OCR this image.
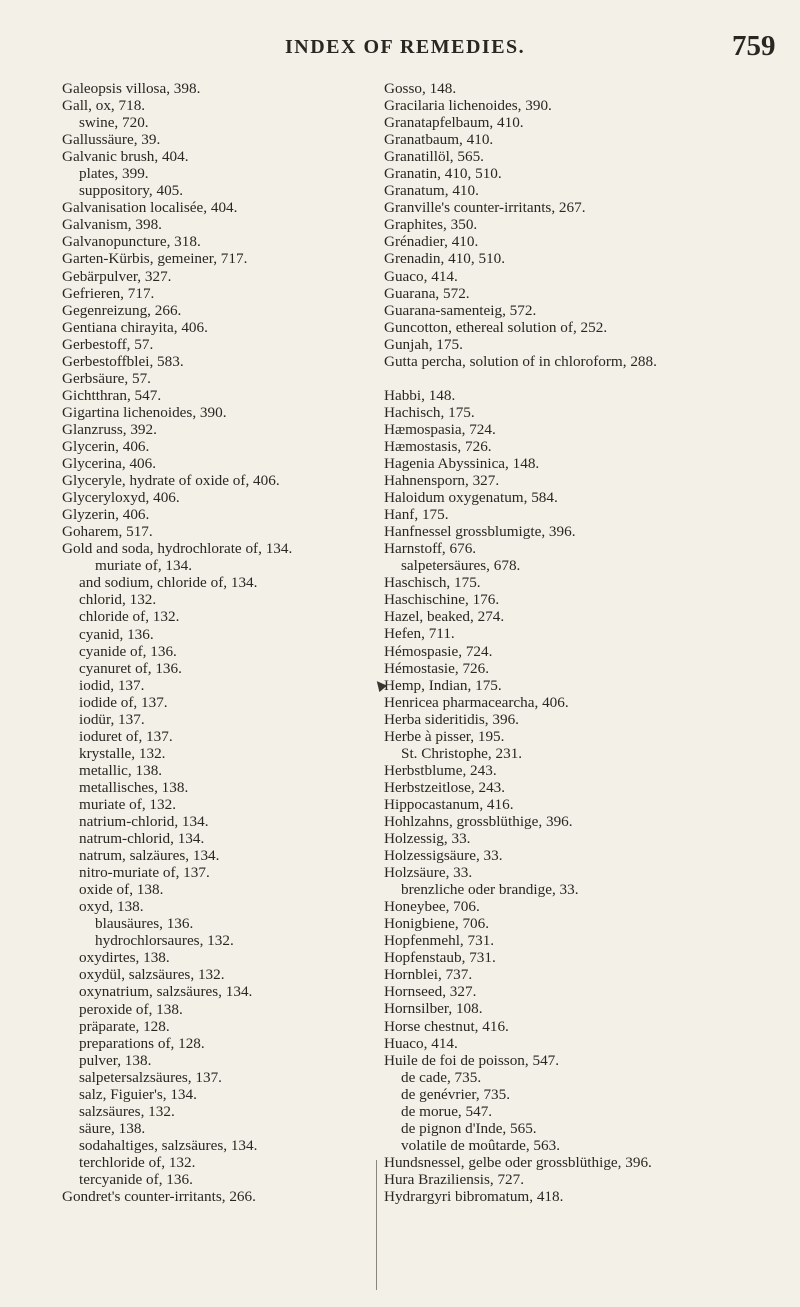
INDEX OF REMEDIES.	759
Galeopsis villosa, 398.
Gall, ox, 718.
swine, 720.
Gallussäure, 39.
Galvanic brush, 404.
plates, 399.
suppository, 405.
Galvanisation localisée, 404.
Galvanism, 398.
Galvanopuncture, 318.
Garten-Kürbis, gemeiner, 717.
Gebärpulver, 327.
Gefrieren, 717.
Gegenreizung, 266.
Gentiana chirayita, 406.
Gerbestoff, 57.
Gerbestoffblei, 583.
Gerbsäure, 57.
Gichtthran, 547.
Gigartina lichenoides, 390.
Glanzruss, 392.
Glycerin, 406.
Glycerina, 406.
Glyceryle, hydrate of oxide of, 406.
Glyceryloxyd, 406.
Glyzerin, 406.
Goharem, 517.
Gold and soda, hydrochlorate of, 134.
muriate of, 134.
and sodium, chloride of, 134.
chlorid, 132.
chloride of, 132.
cyanid, 136.
cyanide of, 136.
cyanuret of, 136.
iodid, 137.
iodide of, 137.
iodür, 137.
ioduret of, 137.
krystalle, 132.
metallic, 138.
metallisches, 138.
muriate of, 132.
natrium-chlorid, 134.
natrum-chlorid, 134.
natrum, salzäures, 134.
nitro-muriate of, 137.
oxide of, 138.
oxyd, 138.
blausäures, 136.
hydrochlorsaures, 132.
oxydirtes, 138.
oxydül, salzsäures, 132.
oxynatrium, salzsäures, 134.
peroxide of, 138.
präparate, 128.
preparations of, 128.
pulver, 138.
salpetersalzsäures, 137.
salz, Figuier's, 134.
salzsäures, 132.
säure, 138.
sodahaltiges, salzsäures, 134.
terchloride of, 132.
tercyanide of, 136.
Gondret's counter-irritants, 266.
Gosso, 148.
Gracilaria lichenoides, 390.
Granatapfelbaum, 410.
Granatbaum, 410.
Granatillöl, 565.
Granatin, 410, 510.
Granatum, 410.
Granville's counter-irritants, 267.
Graphites, 350.
Grénadier, 410.
Grenadin, 410, 510.
Guaco, 414.
Guarana, 572.
Guarana-samenteig, 572.
Guncotton, ethereal solution of, 252.
Gunjah, 175.
Gutta percha, solution of in chloroform, 288.
Habbi, 148.
Hachisch, 175.
Hæmospasia, 724.
Hæmostasis, 726.
Hagenia Abyssinica, 148.
Hahnensporn, 327.
Haloidum oxygenatum, 584.
Hanf, 175.
Hanfnessel grossblumigte, 396.
Harnstoff, 676.
salpetersäures, 678.
Haschisch, 175.
Haschischine, 176.
Hazel, beaked, 274.
Hefen, 711.
Hémospasie, 724.
Hémostasie, 726.
Hemp, Indian, 175.
Henricea pharmacearcha, 406.
Herba sideritidis, 396.
Herbe à pisser, 195.
St. Christophe, 231.
Herbstblume, 243.
Herbstzeitlose, 243.
Hippocastanum, 416.
Hohlzahns, grossblüthige, 396.
Holzessig, 33.
Holzessigsäure, 33.
Holzsäure, 33.
brenzliche oder brandige, 33.
Honeybee, 706.
Honigbiene, 706.
Hopfenmehl, 731.
Hopfenstaub, 731.
Hornblei, 737.
Hornseed, 327.
Hornsilber, 108.
Horse chestnut, 416.
Huaco, 414.
Huile de foi de poisson, 547.
de cade, 735.
de genévrier, 735.
de morue, 547.
de pignon d'Inde, 565.
volatile de moûtarde, 563.
Hundsnessel, gelbe oder grossblüthige, 396.
Hura Braziliensis, 727.
Hydrargyri bibromatum, 418.
